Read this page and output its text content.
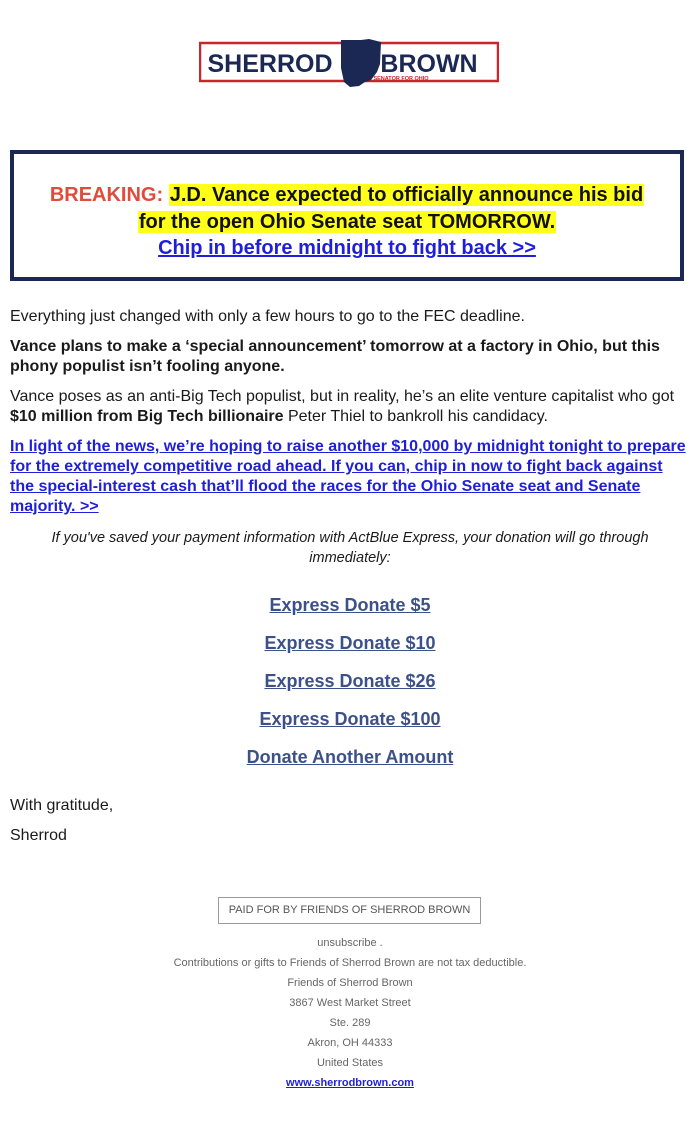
SHERROD BROWN
SENATOR FOR OHIO
BREAKING: J.D. Vance expected to officially announce his bid
for the open Ohio Senate seat TOMORROW.
Chip in before midnight to fight back >>

Everything just changed with only a few hours to go to the FEC deadline.

Vance plans to make a ‘special announcement’ tomorrow at a factory in Ohio, but this phony populist isn’t fooling anyone.

Vance poses as an anti-Big Tech populist, but in reality, he’s an elite venture capitalist who got $10 million from Big Tech billionaire Peter Thiel to bankroll his candidacy.

In light of the news, we’re hoping to raise another $10,000 by midnight tonight to prepare for the extremely competitive road ahead. If you can, chip in now to fight back against the special-interest cash that’ll flood the races for the Ohio Senate seat and Senate majority. >>

If you've saved your payment information with ActBlue Express, your donation will go through immediately:

Express Donate $5
Express Donate $10
Express Donate $26
Express Donate $100
Donate Another Amount
With gratitude,
Sherrod
PAID FOR BY FRIENDS OF SHERROD BROWN
unsubscribe .
Contributions or gifts to Friends of Sherrod Brown are not tax deductible.
Friends of Sherrod Brown
3867 West Market Street
Ste. 289
Akron, OH 44333
United States
www.sherrodbrown.com
